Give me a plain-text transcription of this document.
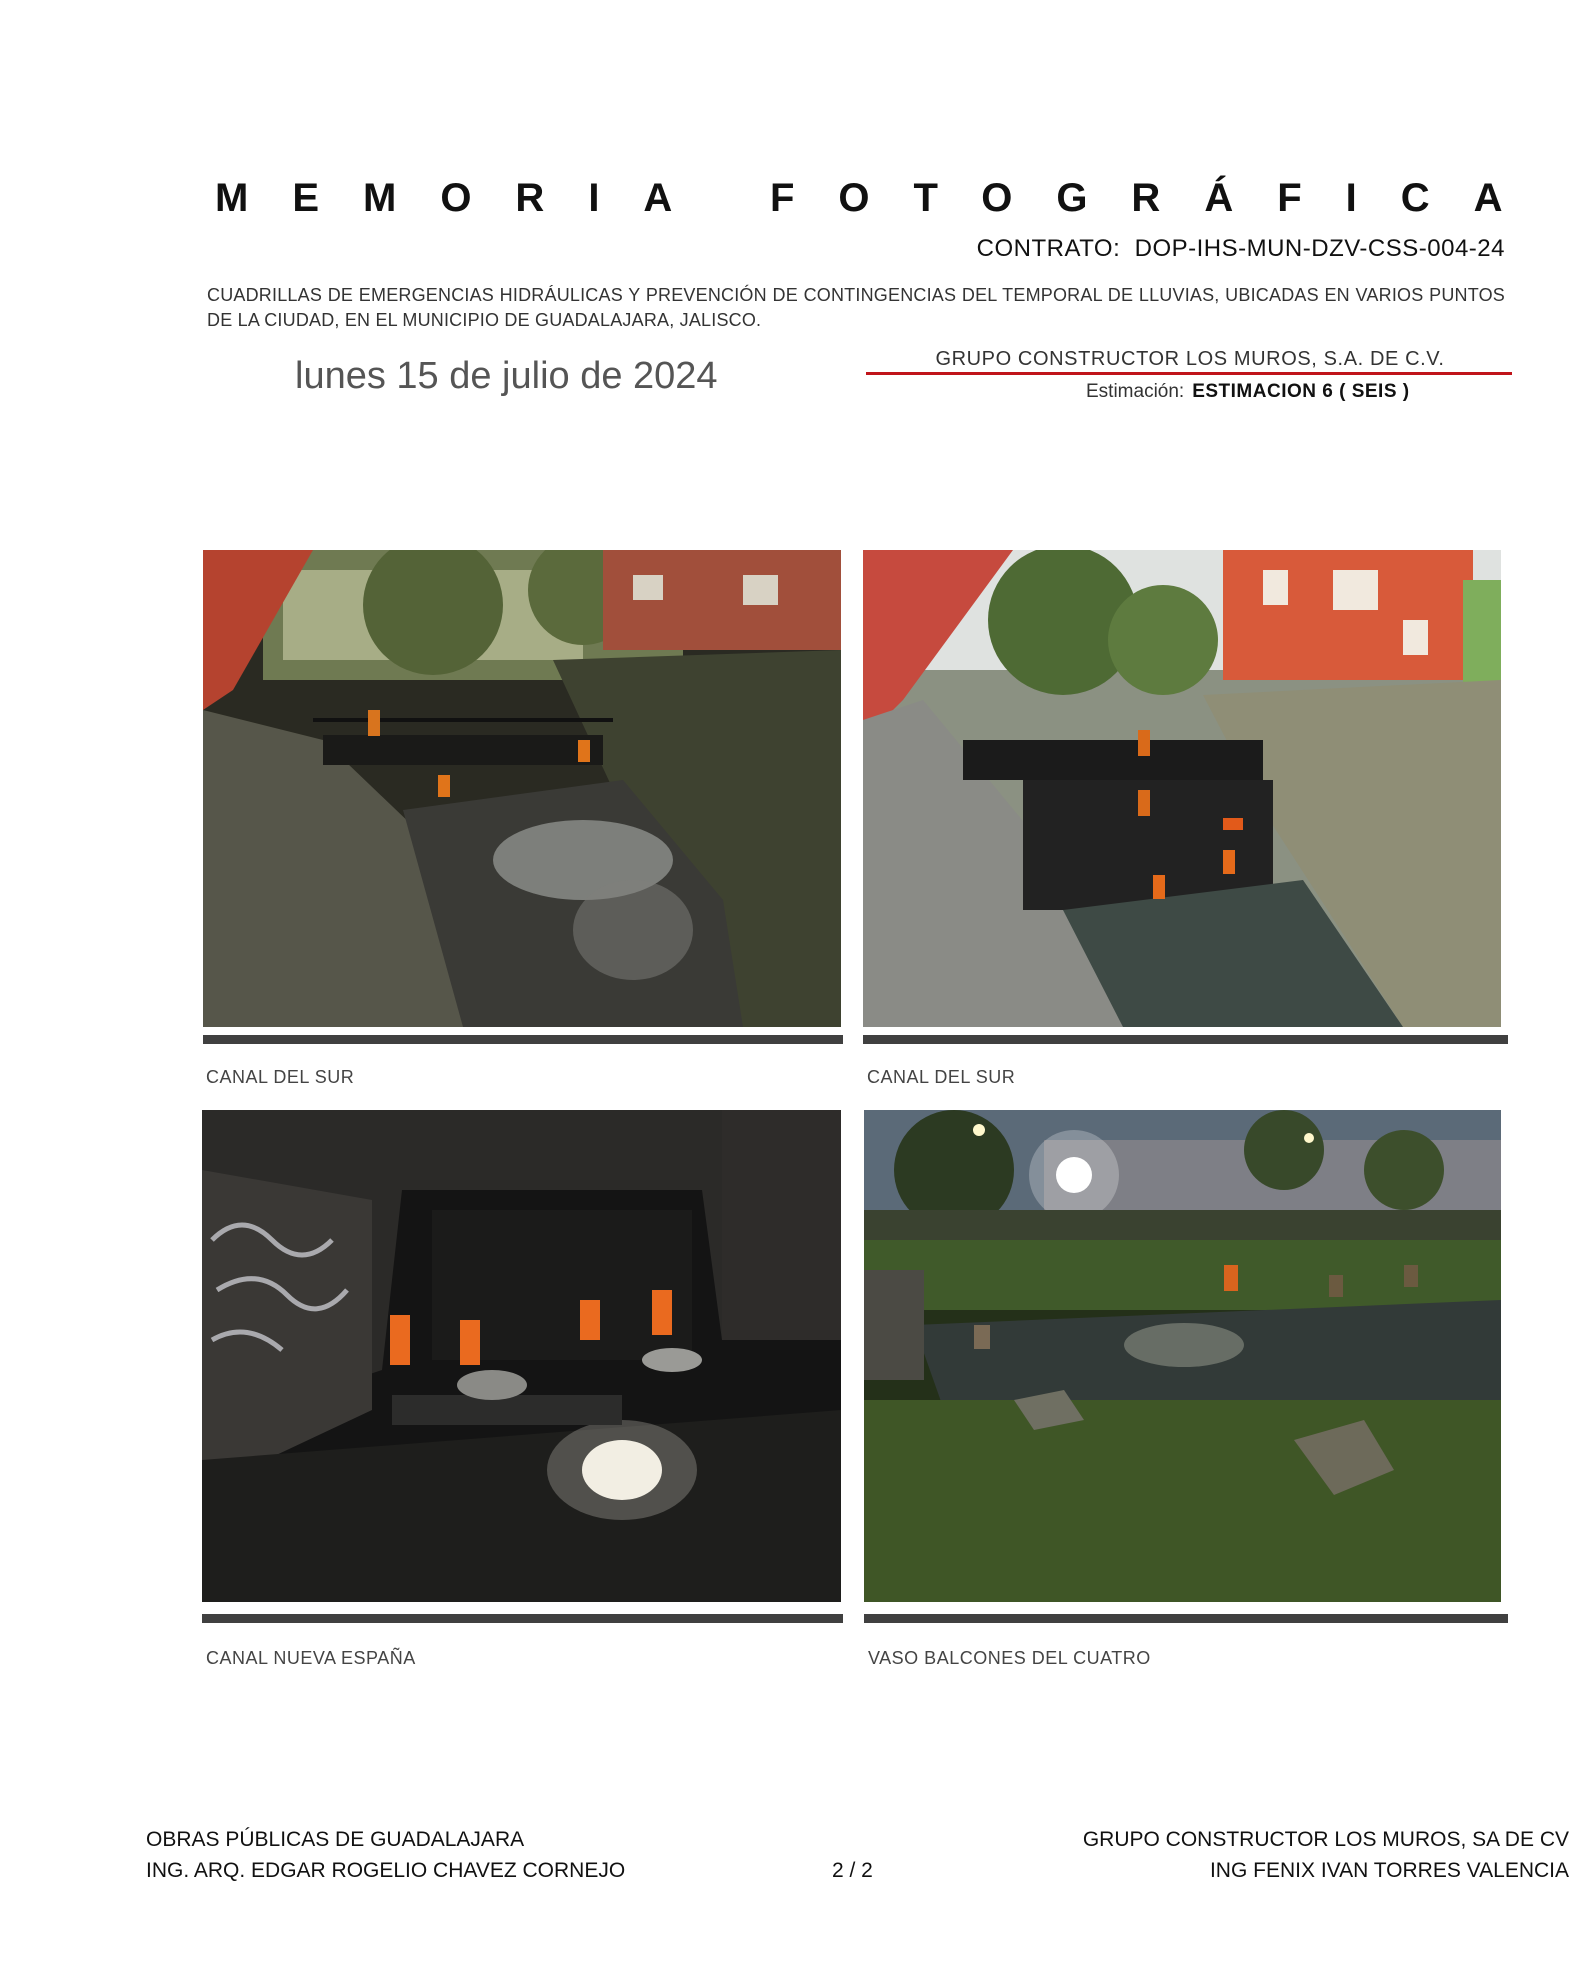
MEMORIA FOTOGRÁFICA
CONTRATO: DOP-IHS-MUN-DZV-CSS-004-24
CUADRILLAS DE EMERGENCIAS HIDRÁULICAS Y PREVENCIÓN DE CONTINGENCIAS DEL TEMPORAL DE LLUVIAS, UBICADAS EN VARIOS PUNTOS DE LA CIUDAD, EN EL MUNICIPIO DE GUADALAJARA, JALISCO.
lunes 15 de julio de 2024	GRUPO CONSTRUCTOR LOS MUROS, S.A. DE C.V.
Estimación: ESTIMACION 6 ( SEIS )
CANAL DEL SUR	CANAL DEL SUR
CANAL NUEVA ESPAÑA	VASO BALCONES DEL CUATRO
OBRAS PÚBLICAS DE GUADALAJARA
ING. ARQ. EDGAR ROGELIO CHAVEZ CORNEJO	2 / 2
GRUPO CONSTRUCTOR LOS MUROS, SA DE CV
ING FENIX IVAN TORRES VALENCIA
